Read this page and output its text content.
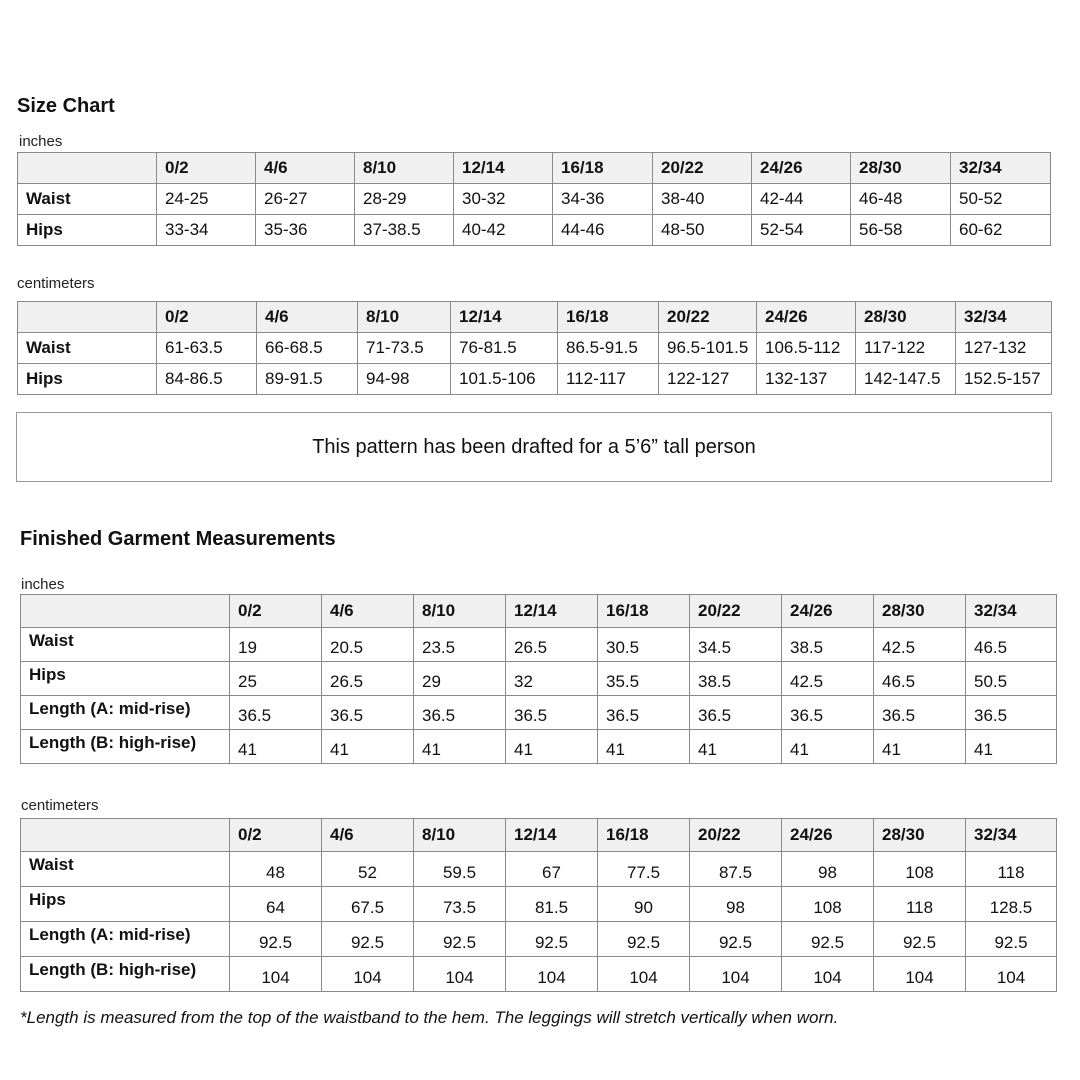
Size Chart
inches
	0/2	4/6	8/10	12/14	16/18	20/22	24/26	28/30	32/34
Waist	24-25	26-27	28-29	30-32	34-36	38-40	42-44	46-48	50-52
Hips	33-34	35-36	37-38.5	40-42	44-46	48-50	52-54	56-58	60-62
centimeters
	0/2	4/6	8/10	12/14	16/18	20/22	24/26	28/30	32/34
Waist	61-63.5	66-68.5	71-73.5	76-81.5	86.5-91.5	96.5-101.5	106.5-112	117-122	127-132
Hips	84-86.5	89-91.5	94-98	101.5-106	112-117	122-127	132-137	142-147.5	152.5-157
This pattern has been drafted for a 5’6” tall person
Finished Garment Measurements
inches
	0/2	4/6	8/10	12/14	16/18	20/22	24/26	28/30	32/34
Waist	19	20.5	23.5	26.5	30.5	34.5	38.5	42.5	46.5
Hips	25	26.5	29	32	35.5	38.5	42.5	46.5	50.5
Length (A: mid-rise)	36.5	36.5	36.5	36.5	36.5	36.5	36.5	36.5	36.5
Length (B: high-rise)	41	41	41	41	41	41	41	41	41
centimeters
	0/2	4/6	8/10	12/14	16/18	20/22	24/26	28/30	32/34
Waist	48	52	59.5	67	77.5	87.5	98	108	118
Hips	64	67.5	73.5	81.5	90	98	108	118	128.5
Length (A: mid-rise)	92.5	92.5	92.5	92.5	92.5	92.5	92.5	92.5	92.5
Length (B: high-rise)	104	104	104	104	104	104	104	104	104
*Length is measured from the top of the waistband to the hem. The leggings will stretch vertically when worn.
